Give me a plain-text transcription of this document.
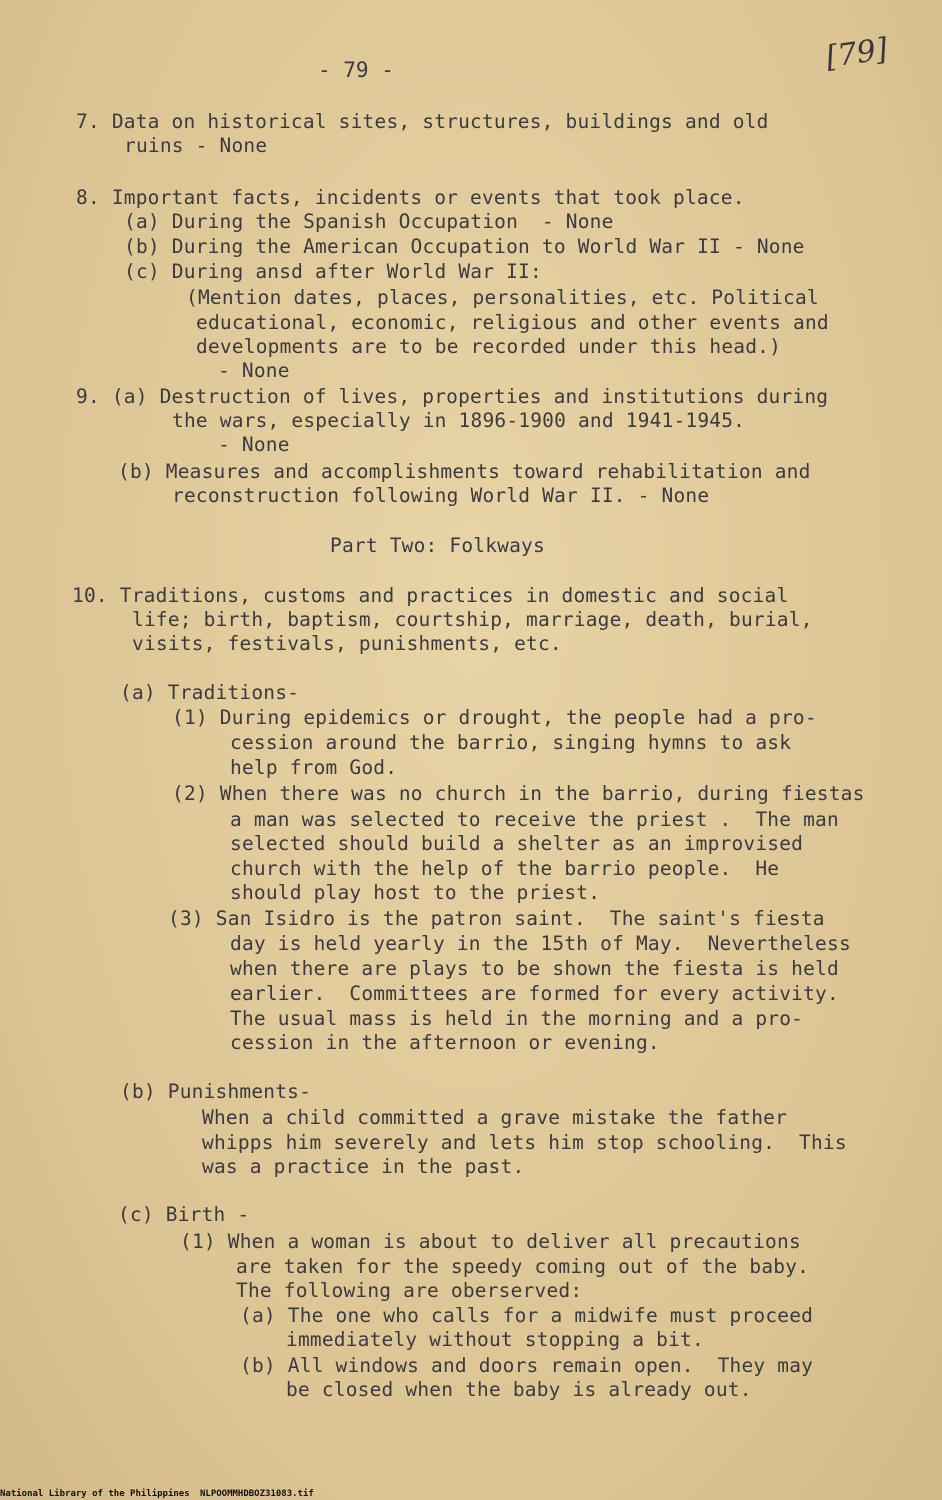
- 79 -	[79]
7. Data on historical sites, structures, buildings and old
ruins - None
8. Important facts, incidents or events that took place.
(a) During the Spanish Occupation  - None
(b) During the American Occupation to World War II - None
(c) During ansd after World War II:
(Mention dates, places, personalities, etc. Political
educational, economic, religious and other events and
developments are to be recorded under this head.)
- None
9. (a) Destruction of lives, properties and institutions during
the wars, especially in 1896-1900 and 1941-1945.
- None
(b) Measures and accomplishments toward rehabilitation and
reconstruction following World War II. - None
Part Two: Folkways
10. Traditions, customs and practices in domestic and social
life; birth, baptism, courtship, marriage, death, burial,
visits, festivals, punishments, etc.
(a) Traditions-
(1) During epidemics or drought, the people had a pro-
cession around the barrio, singing hymns to ask
help from God.
(2) When there was no church in the barrio, during fiestas
a man was selected to receive the priest .  The man
selected should build a shelter as an improvised
church with the help of the barrio people.  He
should play host to the priest.
(3) San Isidro is the patron saint.  The saint's fiesta
day is held yearly in the 15th of May.  Nevertheless
when there are plays to be shown the fiesta is held
earlier.  Committees are formed for every activity.
The usual mass is held in the morning and a pro-
cession in the afternoon or evening.
(b) Punishments-
When a child committed a grave mistake the father
whipps him severely and lets him stop schooling.  This
was a practice in the past.
(c) Birth -
(1) When a woman is about to deliver all precautions
are taken for the speedy coming out of the baby.
The following are oberserved:
(a) The one who calls for a midwife must proceed
immediately without stopping a bit.
(b) All windows and doors remain open.  They may
be closed when the baby is already out.
National Library of the Philippines NLPOOMMHDBOZ31083.tif
